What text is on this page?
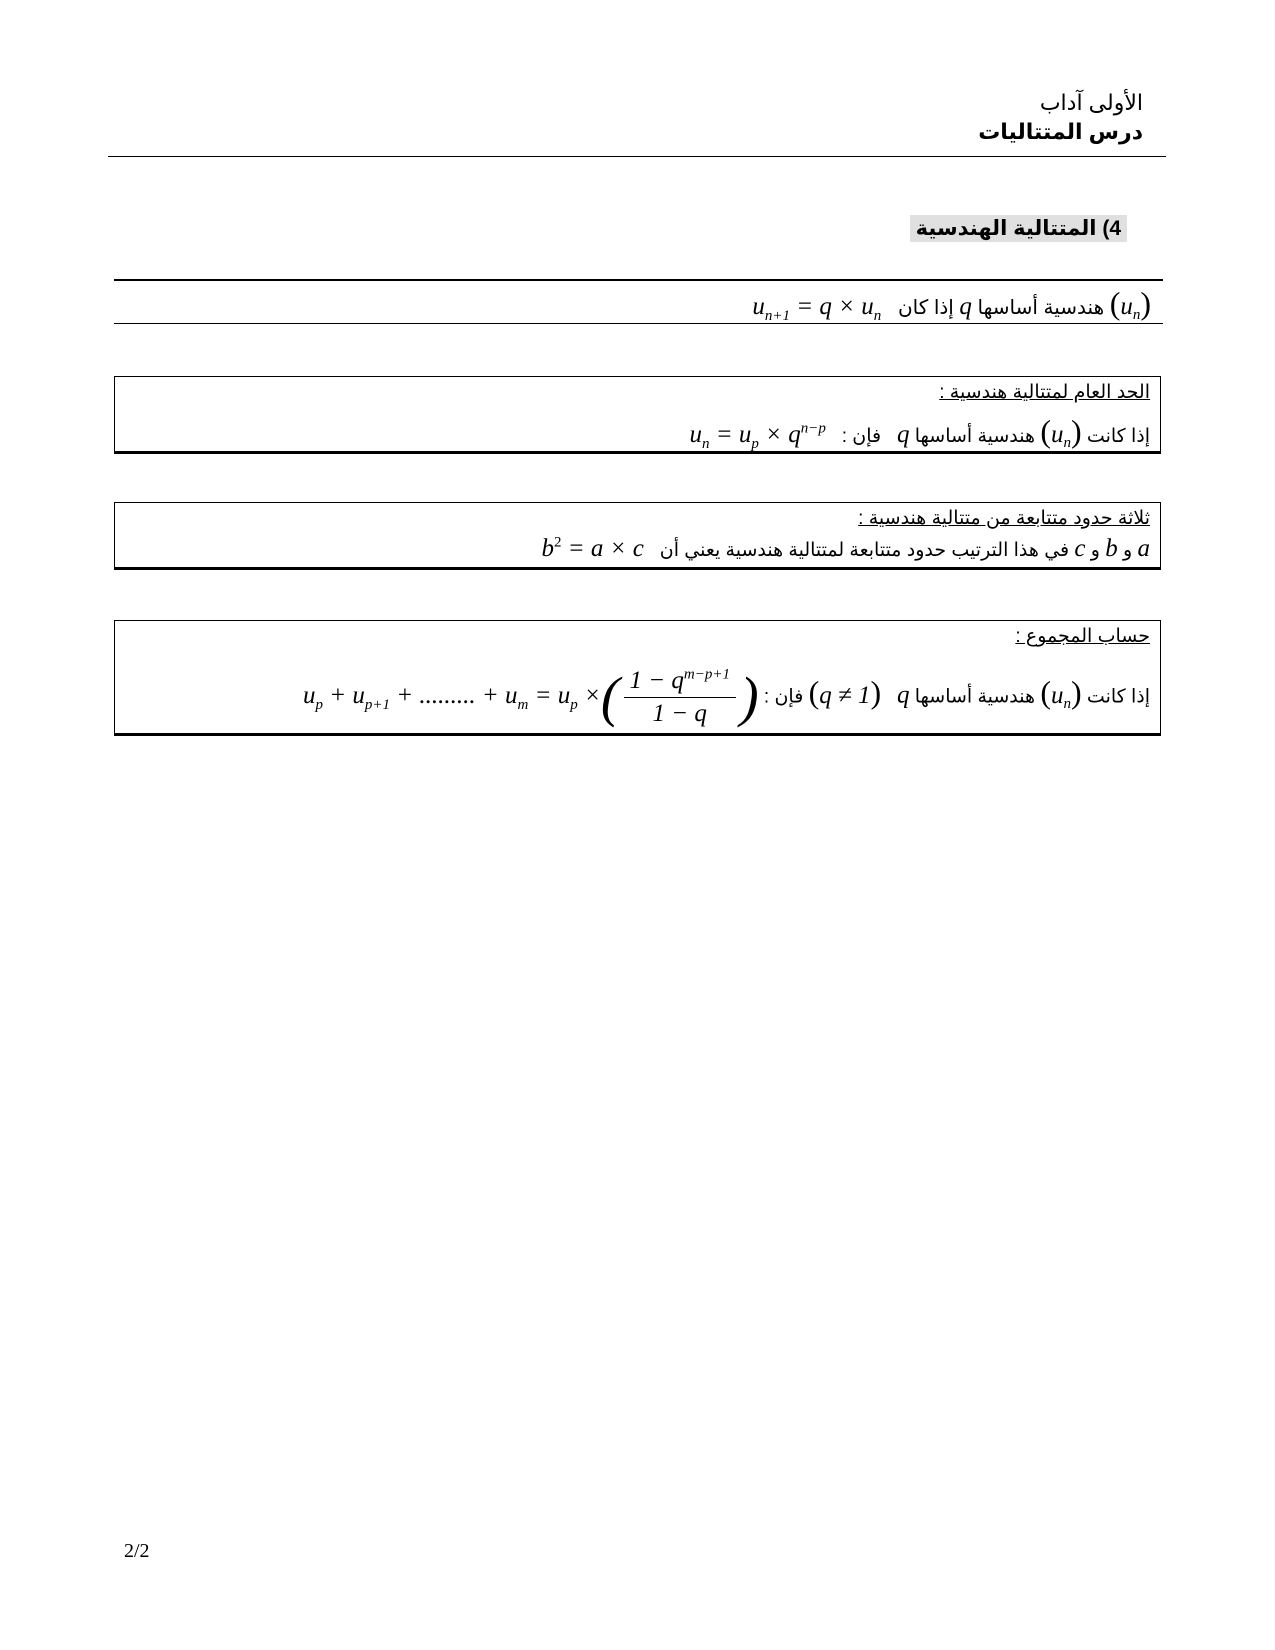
الأولى آداب
درس المتتاليات
4) المتتالية الهندسية
$(u_n)$ هندسية أساسها q إذا كان   $u_{n+1} = q \times u_n$
الحد العام لمتتالية هندسية :
إذا كانت $(u_n)$ هندسية أساسها q   فإن :   $u_n = u_p \times q^{n-p}$
ثلاثة حدود متتابعة من متتالية هندسية :
a و b و c في هذا الترتيب حدود متتابعة لمتتالية هندسية يعني أن   $b^2 = a \times c$
حساب المجموع :
إذا كانت $(u_n)$ هندسية أساسها q   (q ≠ 1) فإن : $u_p + u_{p+1}$ + ......... + $u_m = u_p$ ×( $\frac{1 - q^{m-p+1}}{1 - q}$ )
2/2
